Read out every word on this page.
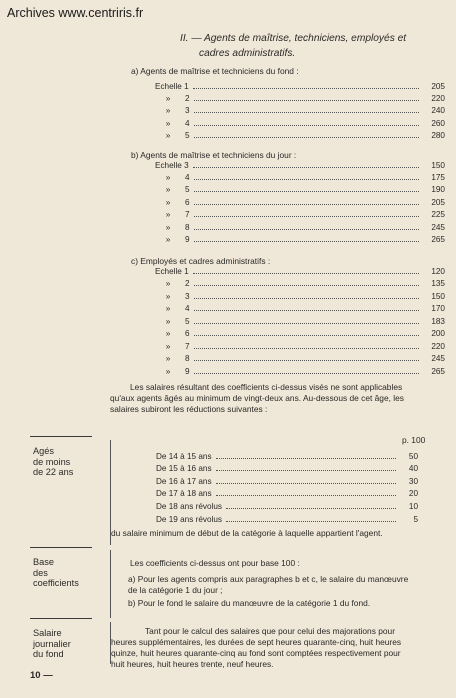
Archives www.centriris.fr
II. — Agents de maîtrise, techniciens, employés et
cadres administratifs.
a) Agents de maîtrise et techniciens du fond :
Echelle 1	205
»	2	220
»	3	240
»	4	260
»	5	280
b) Agents de maîtrise et techniciens du jour :
Echelle 3	150
»	4	175
»	5	190
»	6	205
»	7	225
»	8	245
»	9	265
c) Employés et cadres administratifs :
Echelle 1	120
»	2	135
»	3	150
»	4	170
»	5	183
»	6	200
»	7	220
»	8	245
»	9	265
Les salaires résultant des coefficients ci-dessus visés ne sont applicables
qu'aux agents âgés au minimum de vingt-deux ans. Au-dessous de cet âge, les
salaires subiront les réductions suivantes :
Agés
de moins
de 22 ans
p. 100
De 14 à 15 ans	50
De 15 à 16 ans	40
De 16 à 17 ans	30
De 17 à 18 ans	20
De 18 ans révolus	10
De 19 ans révolus	5
du salaire minimum de début de la catégorie à laquelle appartient l'agent.
Base
des
coefficients
Les coefficients ci-dessus ont pour base 100 :
a) Pour les agents compris aux paragraphes b et c, le salaire du manœuvre
de la catégorie 1 du jour ;
b) Pour le fond le salaire du manœuvre de la catégorie 1 du fond.
Salaire
journalier
du fond
Tant pour le calcul des salaires que pour celui des majorations pour
heures supplémentaires, les durées de sept heures quarante-cinq, huit heures
quinze, huit heures quarante-cinq au fond sont comptées respectivement pour
huit heures, huit heures trente, neuf heures.
10 —
